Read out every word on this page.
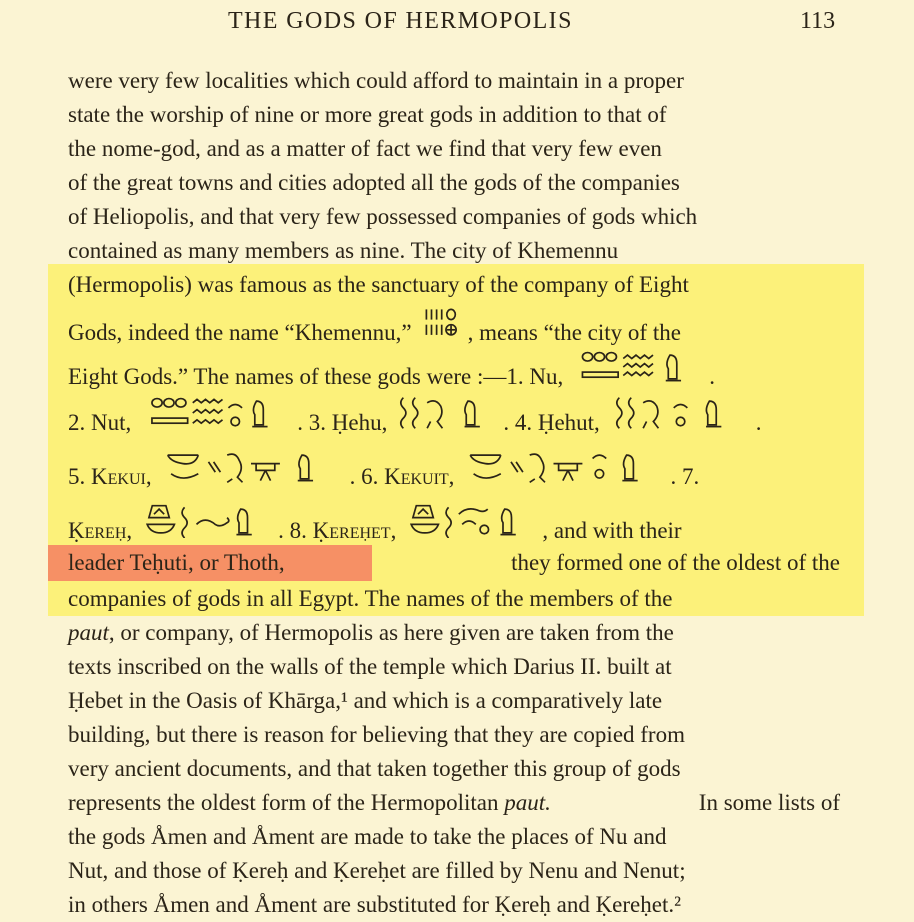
THE GODS OF HERMOPOLIS	113
were very few localities which could afford to maintain in a proper
state the worship of nine or more great gods in addition to that of
the nome-god, and as a matter of fact we find that very few even
of the great towns and cities adopted all the gods of the companies
of Heliopolis, and that very few possessed companies of gods which
contained as many members as nine. The city of Khemennu
(Hermopolis) was famous as the sanctuary of the company of Eight
Gods, indeed the name “Khemennu,” , means “the city of the
Eight Gods.” The names of these gods were :—1. Nu,	.
2. Nut,	. 3. Ḥehu,	. 4. Ḥehut,	.
5. Kekui,	. 6. Kekuit,	. 7.
Ḳereḥ,	. 8. Ḳereḥet,	, and with their
leader Teḥuti, or Thoth,	they formed one of the oldest of the
companies of gods in all Egypt. The names of the members of the
paut, or company, of Hermopolis as here given are taken from the
texts inscribed on the walls of the temple which Darius II. built at
Ḥebet in the Oasis of Khārga,¹ and which is a comparatively late
building, but there is reason for believing that they are copied from
very ancient documents, and that taken together this group of gods
represents the oldest form of the Hermopolitan paut.	In some lists of
the gods Åmen and Åment are made to take the places of Nu and
Nut, and those of Ḳereḥ and Ḳereḥet are filled by Nenu and Nenut;
in others Åmen and Åment are substituted for Ḳereḥ and Ḳereḥet.²
